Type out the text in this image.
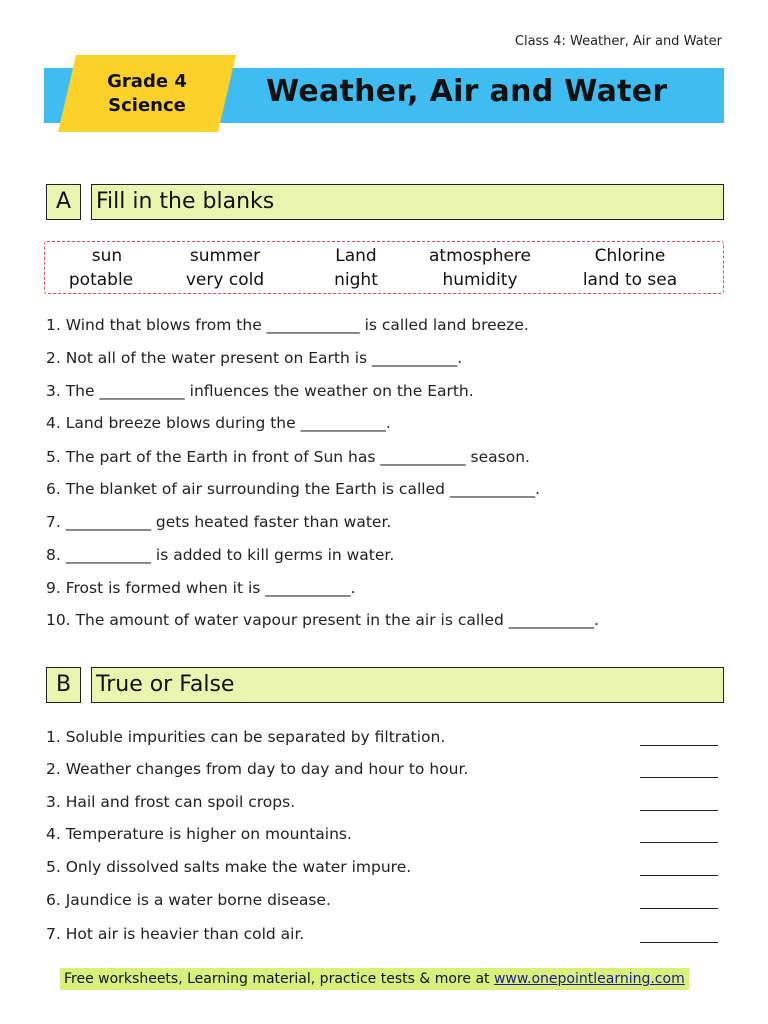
Class 4: Weather, Air and Water
Grade 4
Science	Weather, Air and Water
A	Fill in the blanks
sun	summer	Land	atmosphere	Chlorine
potable	very cold	night	humidity	land to sea
1. Wind that blows from the ____________ is called land breeze.
2. Not all of the water present on Earth is ___________.
3. The ___________ influences the weather on the Earth.
4. Land breeze blows during the ___________.
5. The part of the Earth in front of Sun has ___________ season.
6. The blanket of air surrounding the Earth is called ___________.
7. ___________ gets heated faster than water.
8. ___________ is added to kill germs in water.
9. Frost is formed when it is ___________.
10. The amount of water vapour present in the air is called ___________.
B	True or False
1. Soluble impurities can be separated by filtration.
2. Weather changes from day to day and hour to hour.
3. Hail and frost can spoil crops.
4. Temperature is higher on mountains.
5. Only dissolved salts make the water impure.
6. Jaundice is a water borne disease.
7. Hot air is heavier than cold air.
Free worksheets, Learning material, practice tests & more at www.onepointlearning.com
